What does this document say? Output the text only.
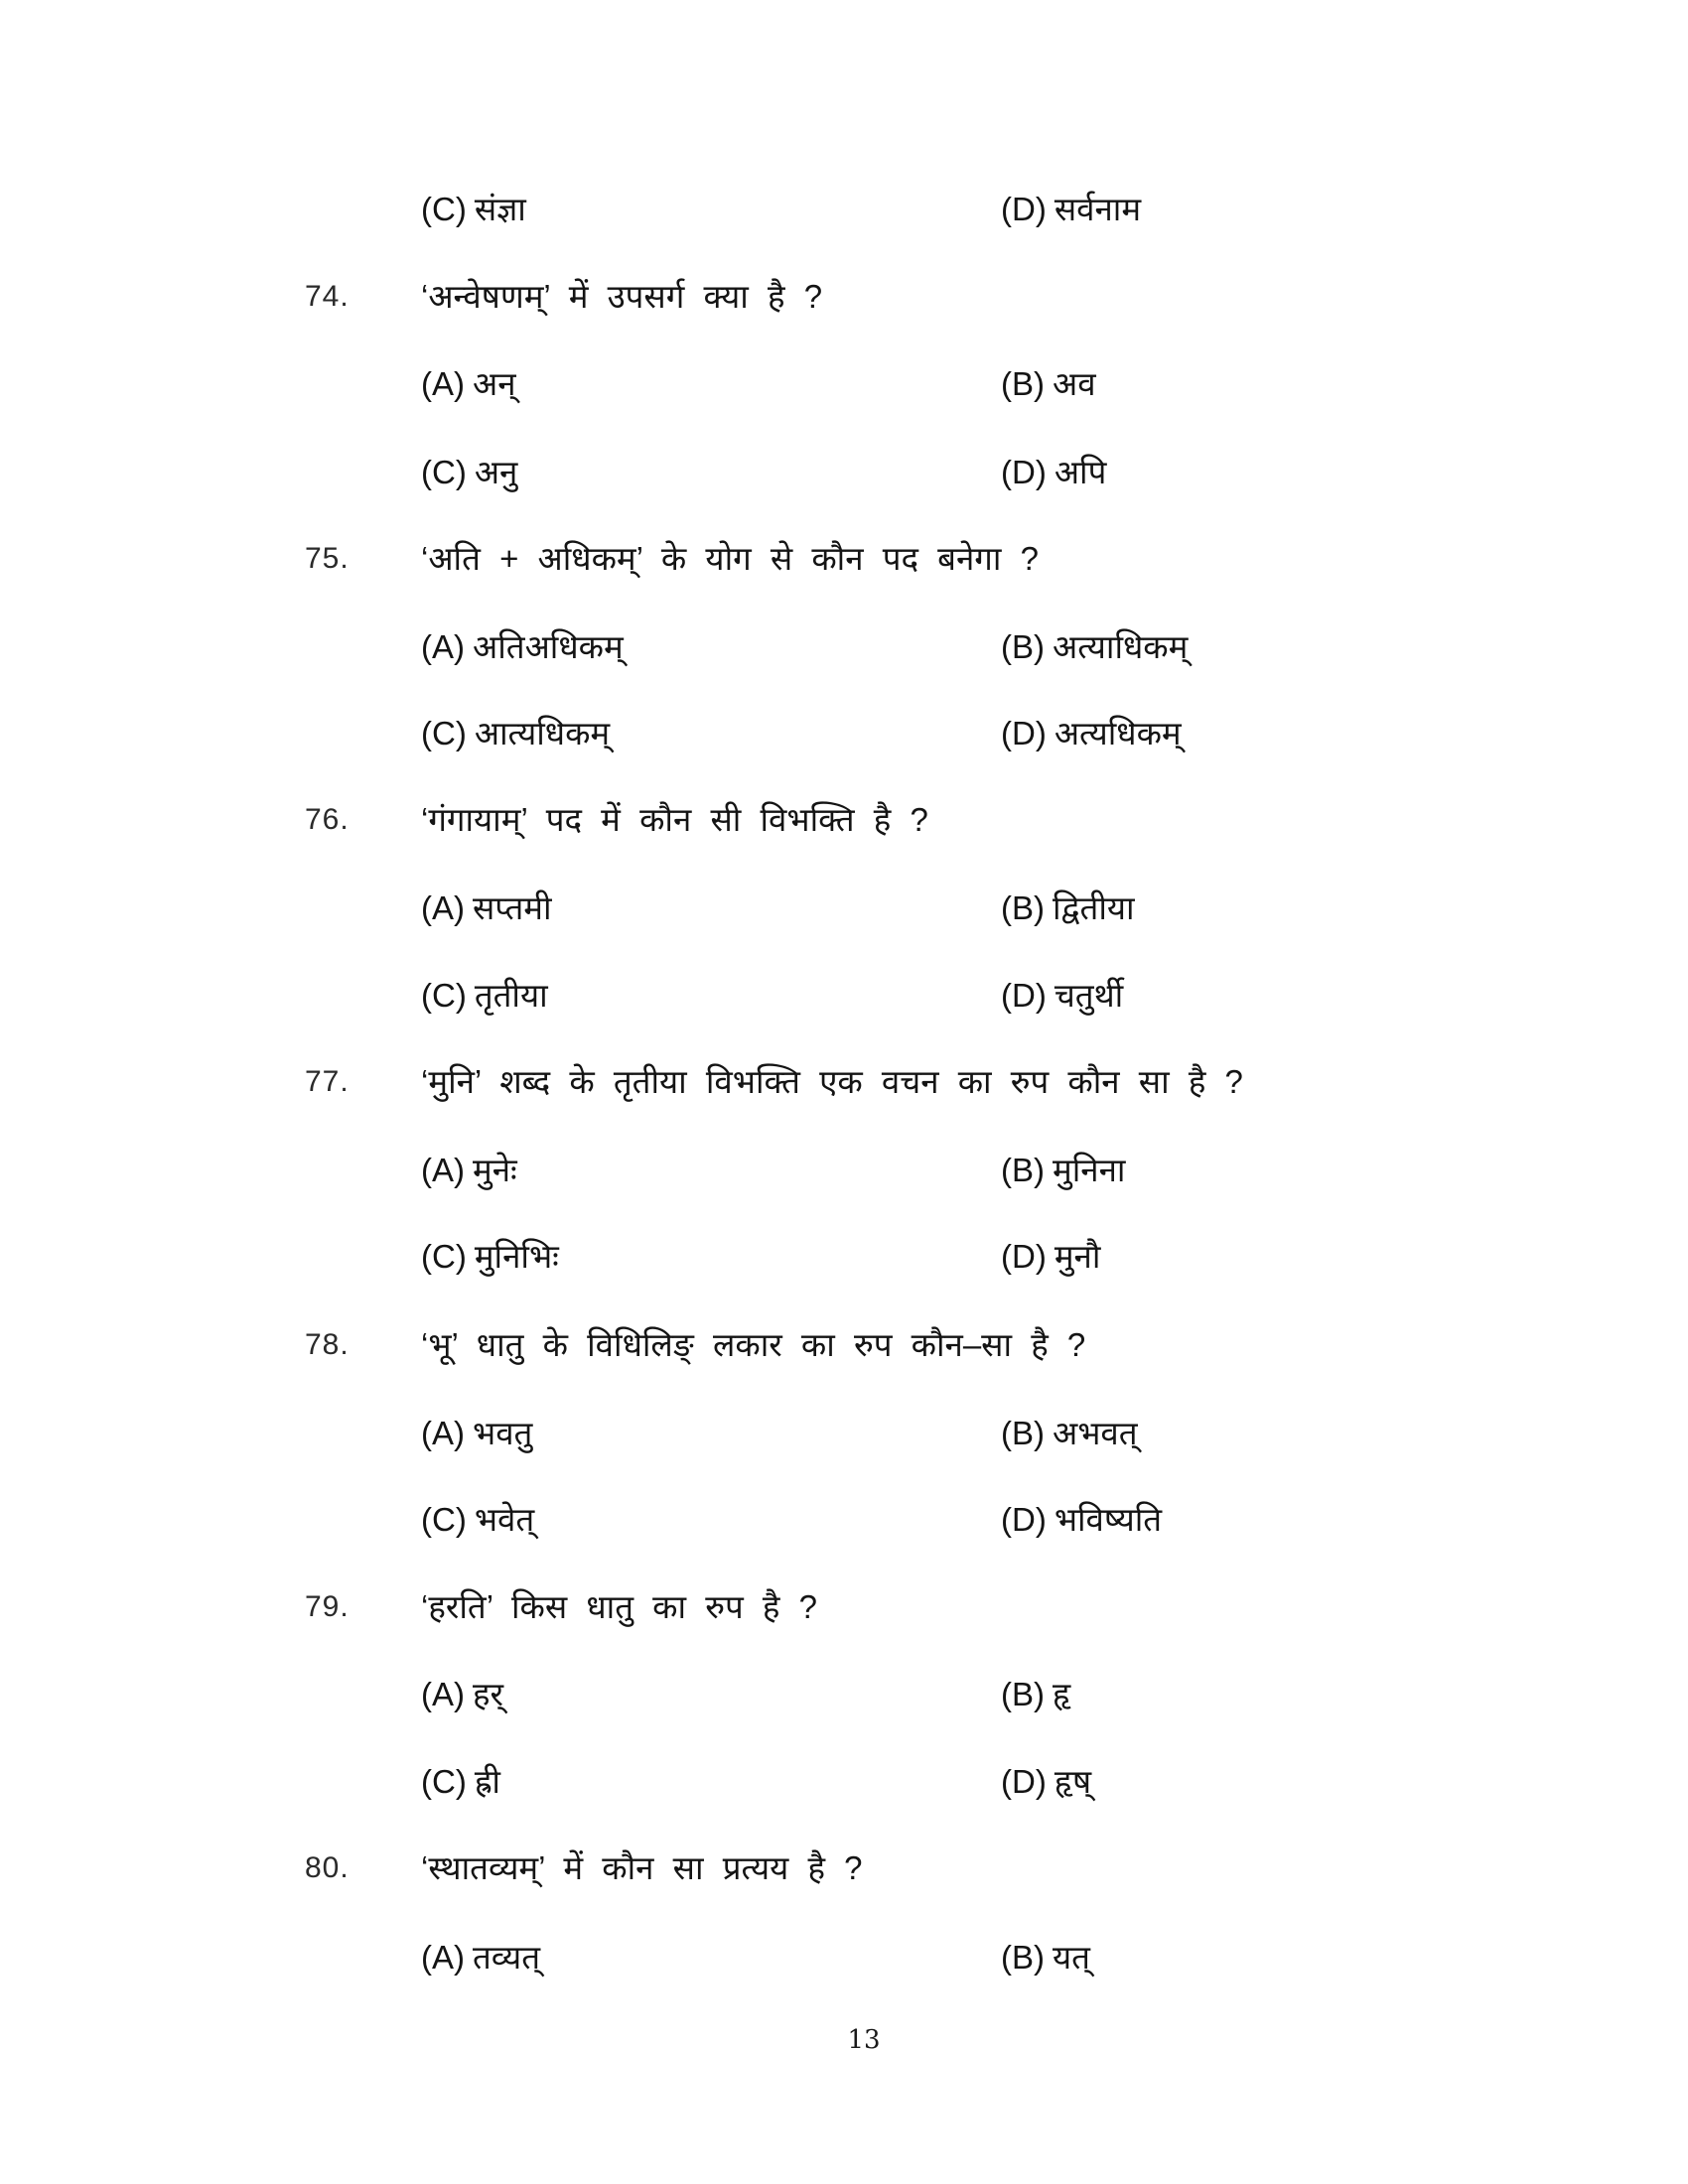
(C) संज्ञा	(D) सर्वनाम
74. ‘अन्वेषणम्’ में उपसर्ग क्या है ?
(A) अन्	(B) अव
(C) अनु	(D) अपि
75. ‘अति + अधिकम्’ के योग से कौन पद बनेगा ?
(A) अतिअधिकम्	(B) अत्याधिकम्
(C) आत्यधिकम्	(D) अत्यधिकम्
76. ‘गंगायाम्’ पद में कौन सी विभक्ति है ?
(A) सप्तमी	(B) द्वितीया
(C) तृतीया	(D) चतुर्थी
77. ‘मुनि’ शब्द के तृतीया विभक्ति एक वचन का रुप कौन सा है ?
(A) मुनेः	(B) मुनिना
(C) मुनिभिः	(D) मुनौ
78. ‘भू’ धातु के विधिलिङ् लकार का रुप कौन–सा है ?
(A) भवतु	(B) अभवत्
(C) भवेत्	(D) भविष्यति
79. ‘हरति’ किस धातु का रुप है ?
(A) हर्	(B) हृ
(C) ह्री	(D) हृष्
80. ‘स्थातव्यम्’ में कौन सा प्रत्यय है ?
(A) तव्यत्	(B) यत्
13
